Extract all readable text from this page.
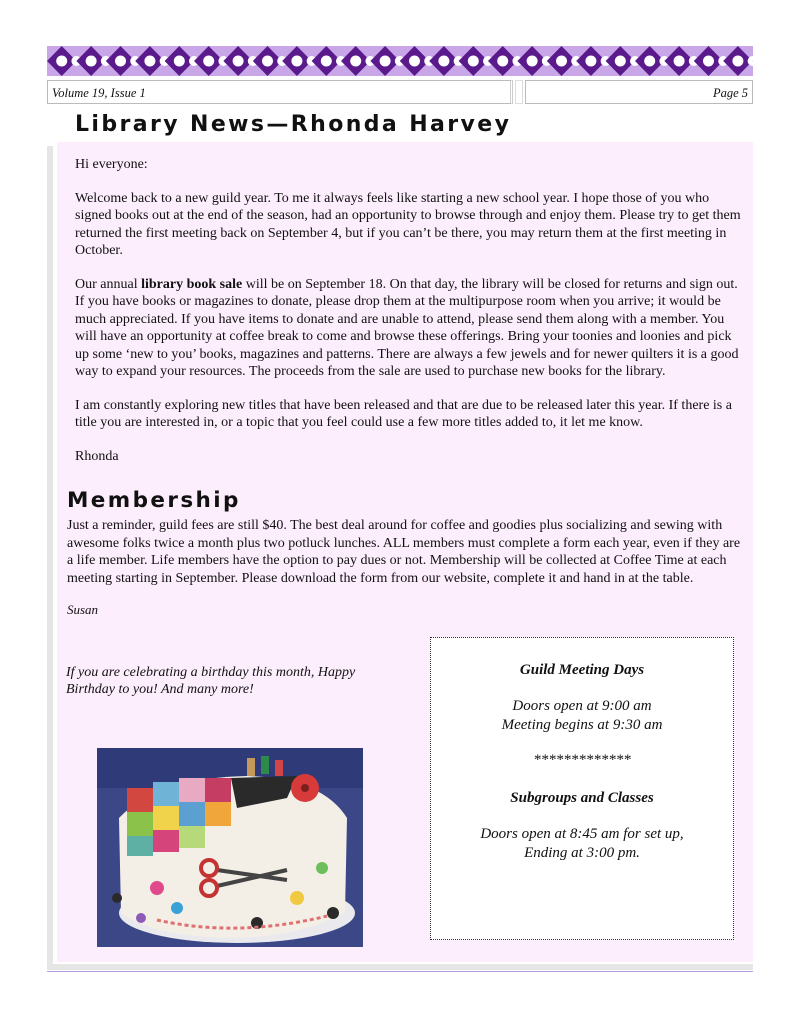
Volume 19, Issue 1	Page 5
Library News—Rhonda Harvey

Hi everyone:

Welcome back to a new guild year. To me it always feels like starting a new school year. I hope those of you who signed books out at the end of the season, had an opportunity to browse through and enjoy them. Please try to get them returned the first meeting back on September 4, but if you can’t be there, you may return them at the first meeting in October.

Our annual library book sale will be on September 18. On that day, the library will be closed for returns and sign out. If you have books or magazines to donate, please drop them at the multipurpose room when you arrive; it would be much appreciated. If you have items to donate and are unable to attend, please send them along with a member. You will have an opportunity at coffee break to come and browse these offerings. Bring your toonies and loonies and pick up some ‘new to you’ books, magazines and patterns. There are always a few jewels and for newer quilters it is a good way to expand your resources. The proceeds from the sale are used to purchase new books for the library.

I am constantly exploring new titles that have been released and that are due to be released later this year. If there is a title you are interested in, or a topic that you feel could use a few more titles added to, it let me know.

Rhonda

Membership

Just a reminder, guild fees are still $40. The best deal around for coffee and goodies plus socializing and sewing with awesome folks twice a month plus two potluck lunches. ALL members must complete a form each year, even if they are a life member. Life members have the option to pay dues or not. Membership will be collected at Coffee Time at each meeting starting in September. Please download the form from our website, complete it and hand in at the table.

Susan

If you are celebrating a birthday this month, Happy Birthday to you! And many more!
Guild Meeting Days
Doors open at 9:00 am
Meeting begins at 9:30 am
*************
Subgroups and Classes
Doors open at 8:45 am for set up,
Ending at 3:00 pm.
